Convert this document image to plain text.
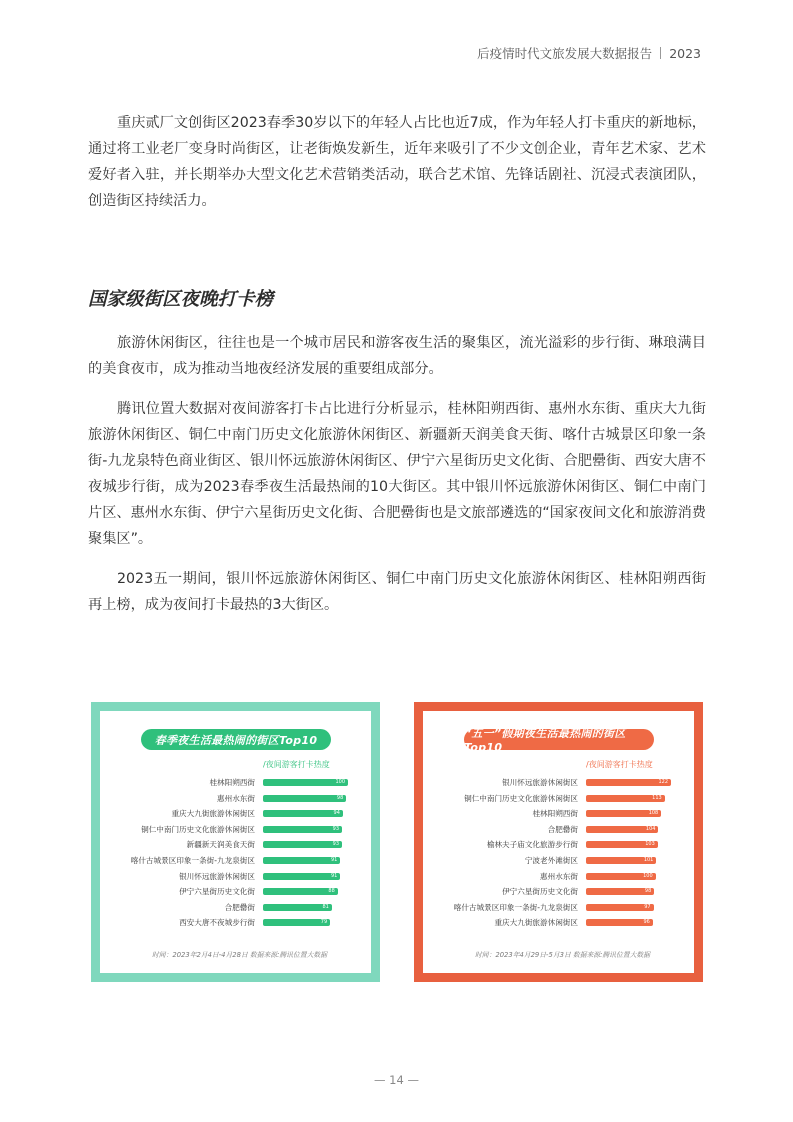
后疫情时代文旅发展大数据报告 2023

重庆贰厂文创街区2023春季30岁以下的年轻人占比也近7成，作为年轻人打卡重庆的新地标，通过将工业老厂变身时尚街区，让老街焕发新生，近年来吸引了不少文创企业，青年艺术家、艺术爱好者入驻，并长期举办大型文化艺术营销类活动，联合艺术馆、先锋话剧社、沉浸式表演团队，创造街区持续活力。

国家级街区夜晚打卡榜

旅游休闲街区，往往也是一个城市居民和游客夜生活的聚集区，流光溢彩的步行街、琳琅满目的美食夜市，成为推动当地夜经济发展的重要组成部分。

腾讯位置大数据对夜间游客打卡占比进行分析显示，桂林阳朔西街、惠州水东街、重庆大九街旅游休闲街区、铜仁中南门历史文化旅游休闲街区、新疆新天润美食天街、喀什古城景区印象一条街-九龙泉特色商业街区、银川怀远旅游休闲街区、伊宁六星街历史文化街、合肥罍街、西安大唐不夜城步行街，成为2023春季夜生活最热闹的10大街区。其中银川怀远旅游休闲街区、铜仁中南门片区、惠州水东街、伊宁六星街历史文化街、合肥罍街也是文旅部遴选的“国家夜间文化和旅游消费聚集区”。

2023五一期间，银川怀远旅游休闲街区、铜仁中南门历史文化旅游休闲街区、桂林阳朔西街再上榜，成为夜间打卡最热的3大街区。

春季夜生活最热闹的街区Top10
/夜间游客打卡热度
桂林阳朔西街	100
惠州水东街	98
重庆大九街旅游休闲街区	94
铜仁中南门历史文化旅游休闲街区	93
新疆新天润美食天街	93
喀什古城景区印象一条街-九龙泉街区	91
银川怀远旅游休闲街区	91
伊宁六星街历史文化街	88
合肥罍街	81
西安大唐不夜城步行街	79
时间：2023年2月4日-4月28日 数据来源:腾讯位置大数据
“五一”假期夜生活最热闹的街区Top10
/夜间游客打卡热度
银川怀远旅游休闲街区	122
铜仁中南门历史文化旅游休闲街区	113
桂林阳朔西街	108
合肥罍街	104
榆林夫子庙文化旅游步行街	103
宁波老外滩街区	101
惠州水东街	100
伊宁六星街历史文化街	98
喀什古城景区印象一条街-九龙泉街区	97
重庆大九街旅游休闲街区	96
时间：2023年4月29日-5月3日 数据来源:腾讯位置大数据
— 14 —
